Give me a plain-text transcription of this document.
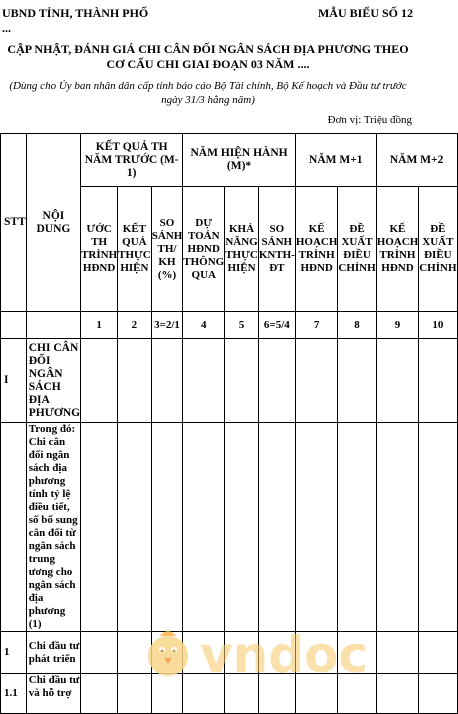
UBND TỈNH, THÀNH PHỐ ...
MẪU BIỂU SỐ 12
CẬP NHẬT, ĐÁNH GIÁ CHI CÂN ĐỐI NGÂN SÁCH ĐỊA PHƯƠNG THEO CƠ CẤU CHI GIAI ĐOẠN 03 NĂM ....
(Dùng cho Ủy ban nhân dân cấp tỉnh báo cáo Bộ Tài chính, Bộ Kế hoạch và Đầu tư trước ngày 31/3 hằng năm)
Đơn vị: Triệu đồng
STT	NỘI DUNG	KẾT QUẢ TH NĂM TRƯỚC (M-1)			NĂM HIỆN HÀNH (M)*			NĂM M+1		NĂM M+2	
		ƯỚC TH TRÌNH HĐND	KẾT QUẢ THỰC HIỆN	SO SÁNH TH/ KH (%)	DỰ TOÁN HĐND THÔNG QUA	KHẢ NĂNG THỰC HIỆN	SO SÁNH KNTH-ĐT	KẾ HOẠCH TRÌNH HĐND	ĐỀ XUẤT ĐIỀU CHỈNH	KẾ HOẠCH TRÌNH HĐND	ĐỀ XUẤT ĐIỀU CHỈNH
		1	2	3=2/1	4	5	6=5/4	7	8	9	10
I	CHI CÂN ĐỐI NGÂN SÁCH ĐỊA PHƯƠNG										
	Trong đó: Chi cân đối ngân sách địa phương tính tỷ lệ điều tiết, số bổ sung cân đối từ ngân sách trung ương cho ngân sách địa phương (1)										
1	Chi đầu tư phát triển										
1.1	Chi đầu tư và hỗ trợ										
vndoc
